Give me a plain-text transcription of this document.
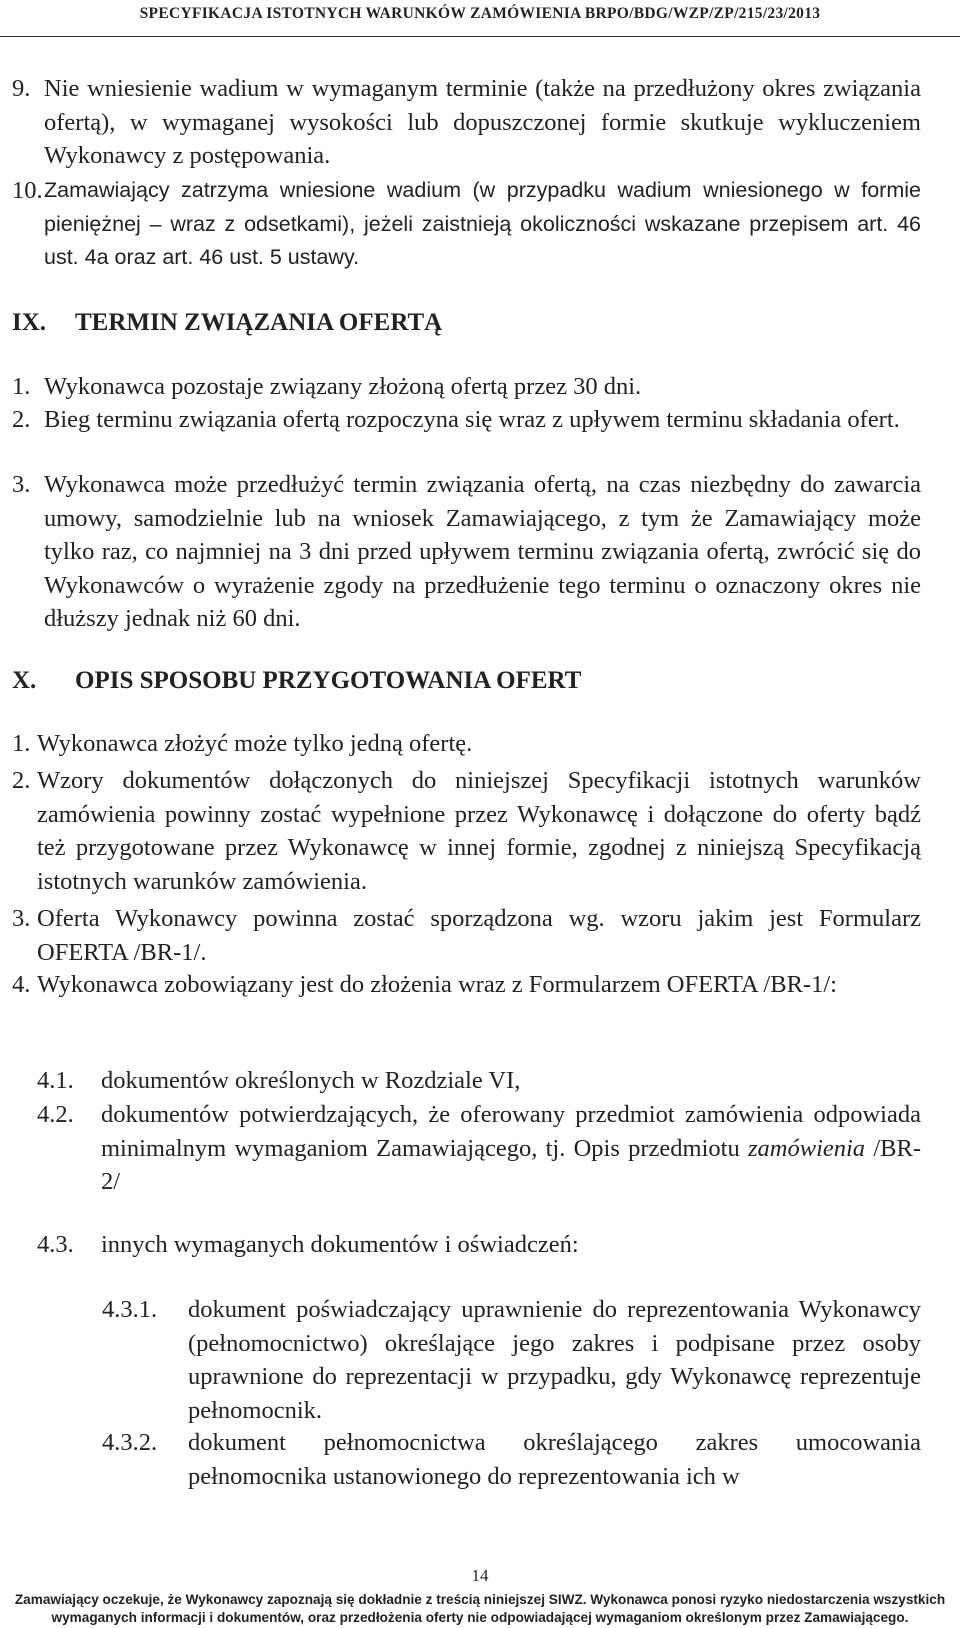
SPECYFIKACJA ISTOTNYCH WARUNKÓW ZAMÓWIENIA BRPO/BDG/WZP/ZP/215/23/2013
9. Nie wniesienie wadium w wymaganym terminie (także na przedłużony okres związania ofertą), w wymaganej wysokości lub dopuszczonej formie skutkuje wykluczeniem Wykonawcy z postępowania.
10. Zamawiający zatrzyma wniesione wadium (w przypadku wadium wniesionego w formie pieniężnej – wraz z odsetkami), jeżeli zaistnieją okoliczności wskazane przepisem art. 46 ust. 4a oraz art. 46 ust. 5 ustawy.
IX. TERMIN ZWIĄZANIA OFERTĄ
1. Wykonawca pozostaje związany złożoną ofertą przez 30 dni.
2. Bieg terminu związania ofertą rozpoczyna się wraz z upływem terminu składania ofert.
3. Wykonawca może przedłużyć termin związania ofertą, na czas niezbędny do zawarcia umowy, samodzielnie lub na wniosek Zamawiającego, z tym że Zamawiający może tylko raz, co najmniej na 3 dni przed upływem terminu związania ofertą, zwrócić się do Wykonawców o wyrażenie zgody na przedłużenie tego terminu o oznaczony okres nie dłuższy jednak niż 60 dni.
X. OPIS SPOSOBU PRZYGOTOWANIA OFERT
1. Wykonawca złożyć może tylko jedną ofertę.
2. Wzory dokumentów dołączonych do niniejszej Specyfikacji istotnych warunków zamówienia powinny zostać wypełnione przez Wykonawcę i dołączone do oferty bądź też przygotowane przez Wykonawcę w innej formie, zgodnej z niniejszą Specyfikacją istotnych warunków zamówienia.
3. Oferta Wykonawcy powinna zostać sporządzona wg. wzoru jakim jest Formularz OFERTA /BR-1/.
4. Wykonawca zobowiązany jest do złożenia wraz z Formularzem OFERTA /BR-1/:
4.1.	dokumentów określonych w Rozdziale VI,
4.2.	dokumentów potwierdzających, że oferowany przedmiot zamówienia odpowiada minimalnym wymaganiom Zamawiającego, tj. Opis przedmiotu zamówienia /BR-2/
4.3.	innych wymaganych dokumentów i oświadczeń:
4.3.1.	dokument poświadczający uprawnienie do reprezentowania Wykonawcy (pełnomocnictwo) określające jego zakres i podpisane przez osoby uprawnione do reprezentacji w przypadku, gdy Wykonawcę reprezentuje pełnomocnik.
4.3.2.	dokument pełnomocnictwa określającego zakres umocowania pełnomocnika ustanowionego do reprezentowania ich w
14
Zamawiający oczekuje, że Wykonawcy zapoznają się dokładnie z treścią niniejszej SIWZ. Wykonawca ponosi ryzyko niedostarczenia wszystkich
wymaganych informacji i dokumentów, oraz przedłożenia oferty nie odpowiadającej wymaganiom określonym przez Zamawiającego.
